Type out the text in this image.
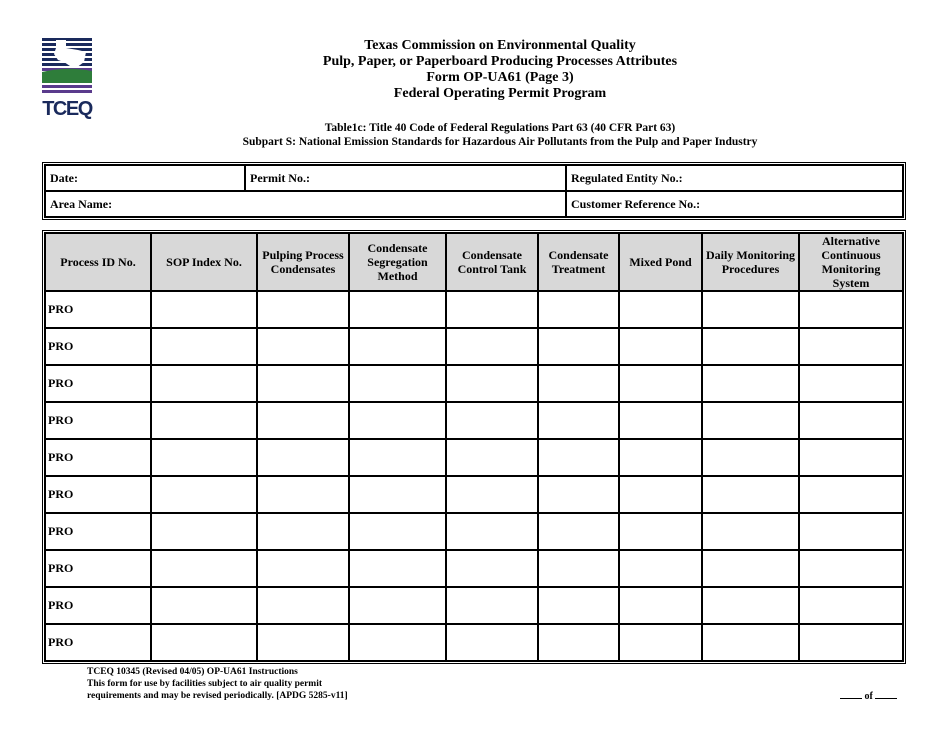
TCEQ
Texas Commission on Environmental Quality
Pulp, Paper, or Paperboard Producing Processes Attributes
Form OP-UA61 (Page 3)
Federal Operating Permit Program
Table1c: Title 40 Code of Federal Regulations Part 63 (40 CFR Part 63)
Subpart S: National Emission Standards for Hazardous Air Pollutants from the Pulp and Paper Industry
Date:	Permit No.:	Regulated Entity No.:
Area Name:		Customer Reference No.:
Process ID No.	SOP Index No.	Pulping Process Condensates	Condensate Segregation Method	Condensate Control Tank	Condensate Treatment	Mixed Pond	Daily Monitoring Procedures	Alternative Continuous Monitoring System
PRO								
PRO								
PRO								
PRO								
PRO								
PRO								
PRO								
PRO								
PRO								
PRO								
TCEQ 10345 (Revised 04/05) OP-UA61 Instructions
This form for use by facilities subject to air quality permit
requirements and may be revised periodically. [APDG 5285-v11]	of
